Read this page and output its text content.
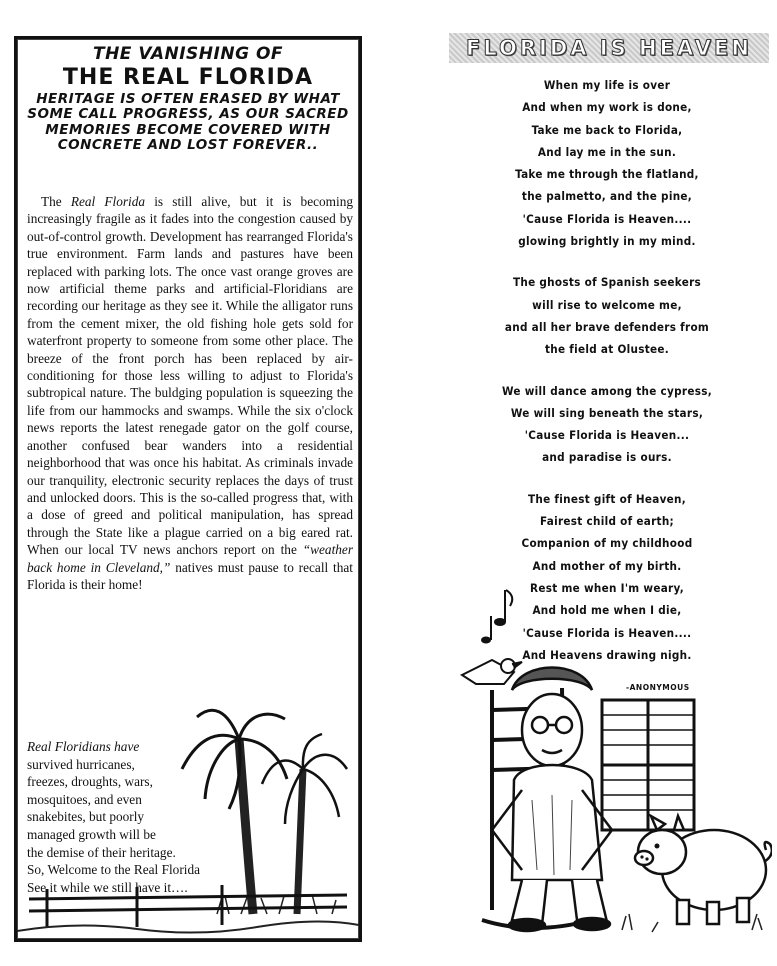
THE VANISHING OF
THE REAL FLORIDA
HERITAGE IS OFTEN ERASED BY WHAT SOME CALL PROGRESS, AS OUR SACRED MEMORIES BECOME COVERED WITH CONCRETE AND LOST FOREVER..

The Real Florida is still alive, but it is becoming increasingly fragile as it fades into the congestion caused by out-of-control growth. Development has rearranged Florida's true environment. Farm lands and pastures have been replaced with parking lots. The once vast orange groves are now artificial theme parks and artificial-Floridians are recording our heritage as they see it. While the alligator runs from the cement mixer, the old fishing hole gets sold for waterfront property to someone from some other place. The breeze of the front porch has been replaced by air-conditioning for those less willing to adjust to Florida's subtropical nature. The buldging population is squeezing the life from our hammocks and swamps. While the six o'clock news reports the latest renegade gator on the golf course, another confused bear wanders into a residential neighborhood that was once his habitat. As criminals invade our tranquility, electronic security replaces the days of trust and unlocked doors. This is the so-called progress that, with a dose of greed and political manipulation, has spread through the State like a plague carried on a big eared rat. When our local TV news anchors report on the “weather back home in Cleveland,” natives must pause to recall that Florida is their home!

Real Floridians have
survived hurricanes,
freezes, droughts, wars,
mosquitoes, and even
snakebites, but poorly
managed growth will be
the demise of their heritage.
So, Welcome to the Real Florida
See it while we still have it….
FLORIDA IS HEAVEN
When my life is over
And when my work is done,
Take me back to Florida,
And lay me in the sun.
Take me through the flatland,
the palmetto, and the pine,
'Cause Florida is Heaven....
glowing brightly in my mind.
The ghosts of Spanish seekers
will rise to welcome me,
and all her brave defenders from
the field at Olustee.
We will dance among the cypress,
We will sing beneath the stars,
'Cause Florida is Heaven...
and paradise is ours.
The finest gift of Heaven,
Fairest child of earth;
Companion of my childhood
And mother of my birth.
Rest me when I'm weary,
And hold me when I die,
'Cause Florida is Heaven....
And Heavens drawing nigh.
-ANONYMOUS
